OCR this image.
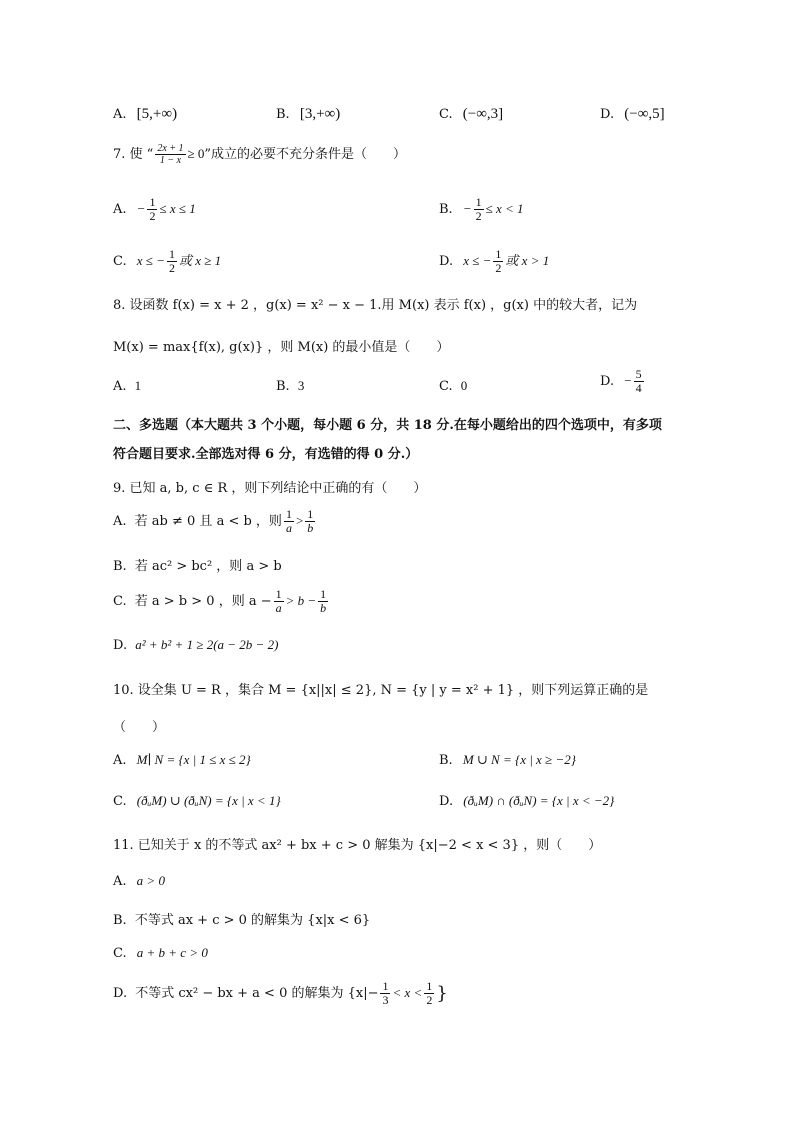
A. [5,+∞)	B. [3,+∞)	C. (−∞,3]	D. (−∞,5]
7. 使 “ $\frac{2x + 1}{1 - x} \ge 0$”成立的必要不充分条件是（　　）
A. − $\frac{1}{2} \le x \le 1$	B. − $\frac{1}{2} \le x < 1$
C. x ≤ − $\frac{1}{2}$ 或 x ≥ 1	D. x ≤ − $\frac{1}{2}$ 或 x > 1
8. 设函数 f(x) = x + 2 ，g(x) = x² − x − 1.用 M(x) 表示 f(x) ，g(x) 中的较大者，记为
M(x) = max{f(x), g(x)} ，则 M(x) 的最小值是（　　）
A. 1	B. 3	C. 0	D. − $\frac{5}{4}$
二、多选题（本大题共 3 个小题，每小题 6 分，共 18 分.在每小题给出的四个选项中，有多项
符合题目要求.全部选对得 6 分，有选错的得 0 分.）
9. 已知 a, b, c ∈ R ，则下列结论中正确的有（　　）
A. 若 ab ≠ 0 且 a < b ，则 $\frac{1}{a} > \frac{1}{b}$
B. 若 ac² > bc² ，则 a > b
C. 若 a > b > 0 ，则 $a - \frac{1}{a} > b - \frac{1}{b}$
D. a² + b² + 1 ≥ 2(a − 2b − 2)
10. 设全集 U = R ，集合 M = {x||x| ≤ 2}, N = {y | y = x² + 1} ，则下列运算正确的是
（　　）
A. M∣ N = {x | 1 ≤ x ≤ 2}	B. M ∪ N = {x | x ≥ −2}
C. (ðᵤM) ∪ (ðᵤN) = {x | x < 1}	D. (ðᵤM) ∩ (ðᵤN) = {x | x < −2}
11. 已知关于 x 的不等式 ax² + bx + c > 0 解集为 {x|−2 < x < 3} ，则（　　）
A. a > 0
B. 不等式 ax + c > 0 的解集为 {x|x < 6}
C. a + b + c > 0
D. 不等式 cx² − bx + a < 0 的解集为 {$x|- \frac{1}{3} < x < \frac{1}{2}$ }
